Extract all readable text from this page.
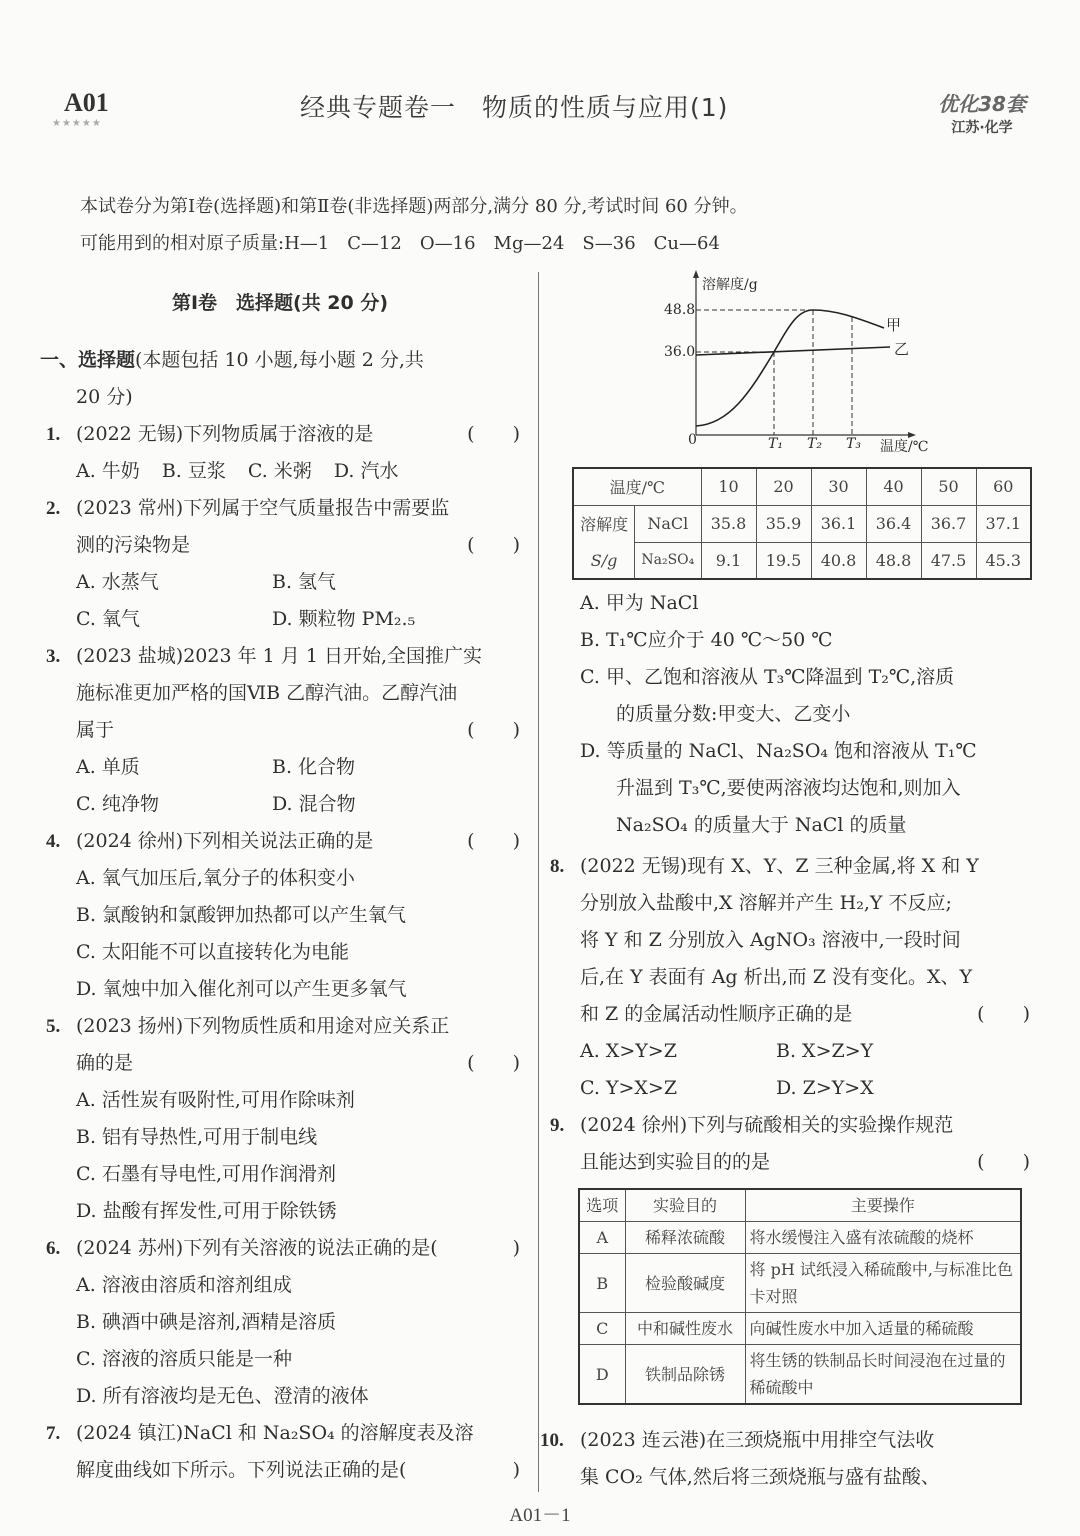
A01
★★★★★
经典专题卷一　物质的性质与应用(1)	优化38套
江苏·化学
本试卷分为第Ⅰ卷(选择题)和第Ⅱ卷(非选择题)两部分,满分 80 分,考试时间 60 分钟。
可能用到的相对原子质量:H—1　C—12　O—16　Mg—24　S—36　Cu—64
第Ⅰ卷　选择题(共 20 分)
一、选择题(本题包括 10 小题,每小题 2 分,共
20 分)
1. (2022 无锡)下列物质属于溶液的是	(　　)
A. 牛奶 B. 豆浆 C. 米粥 D. 汽水
2. (2023 常州)下列属于空气质量报告中需要监
测的污染物是	(　　)
A. 水蒸气	B. 氢气
C. 氧气	D. 颗粒物 PM₂.₅
3. (2023 盐城)2023 年 1 月 1 日开始,全国推广实
施标准更加严格的国ⅥB 乙醇汽油。乙醇汽油
属于	(　　)
A. 单质	B. 化合物
C. 纯净物	D. 混合物
4. (2024 徐州)下列相关说法正确的是	(　　)
A. 氧气加压后,氧分子的体积变小
B. 氯酸钠和氯酸钾加热都可以产生氧气
C. 太阳能不可以直接转化为电能
D. 氧烛中加入催化剂可以产生更多氧气
5. (2023 扬州)下列物质性质和用途对应关系正
确的是	(　　)
A. 活性炭有吸附性,可用作除味剂
B. 铝有导热性,可用于制电线
C. 石墨有导电性,可用作润滑剂
D. 盐酸有挥发性,可用于除铁锈
6. (2024 苏州)下列有关溶液的说法正确的是(	)
A. 溶液由溶质和溶剂组成
B. 碘酒中碘是溶剂,酒精是溶质
C. 溶液的溶质只能是一种
D. 所有溶液均是无色、澄清的液体
7. (2024 镇江)NaCl 和 Na₂SO₄ 的溶解度表及溶
解度曲线如下所示。下列说法正确的是(	)
溶解度/g
48.8
36.0
0	T₁ T₂ T₃ 温度/℃
甲
乙
温度/℃		10	20	30	40	50	60
溶解度	NaCl	35.8	35.9	36.1	36.4	36.7	37.1
S/g	Na₂SO₄	9.1	19.5	40.8	48.8	47.5	45.3
A. 甲为 NaCl
B. T₁℃应介于 40 ℃～50 ℃
C. 甲、乙饱和溶液从 T₃℃降温到 T₂℃,溶质
的质量分数:甲变大、乙变小
D. 等质量的 NaCl、Na₂SO₄ 饱和溶液从 T₁℃
升温到 T₃℃,要使两溶液均达饱和,则加入
Na₂SO₄ 的质量大于 NaCl 的质量
8. (2022 无锡)现有 X、Y、Z 三种金属,将 X 和 Y
分别放入盐酸中,X 溶解并产生 H₂,Y 不反应;
将 Y 和 Z 分别放入 AgNO₃ 溶液中,一段时间
后,在 Y 表面有 Ag 析出,而 Z 没有变化。X、Y
和 Z 的金属活动性顺序正确的是	(　　)
A. X>Y>Z	B. X>Z>Y
C. Y>X>Z	D. Z>Y>X
9. (2024 徐州)下列与硫酸相关的实验操作规范
且能达到实验目的的是	(　　)
选项	实验目的	主要操作
A	稀释浓硫酸	将水缓慢注入盛有浓硫酸的烧杯
B	检验酸碱度	将 pH 试纸浸入稀硫酸中,与标准比色卡对照
C	中和碱性废水	向碱性废水中加入适量的稀硫酸
D	铁制品除锈	将生锈的铁制品长时间浸泡在过量的稀硫酸中
10. (2023 连云港)在三颈烧瓶中用排空气法收
集 CO₂ 气体,然后将三颈烧瓶与盛有盐酸、
A01－1
